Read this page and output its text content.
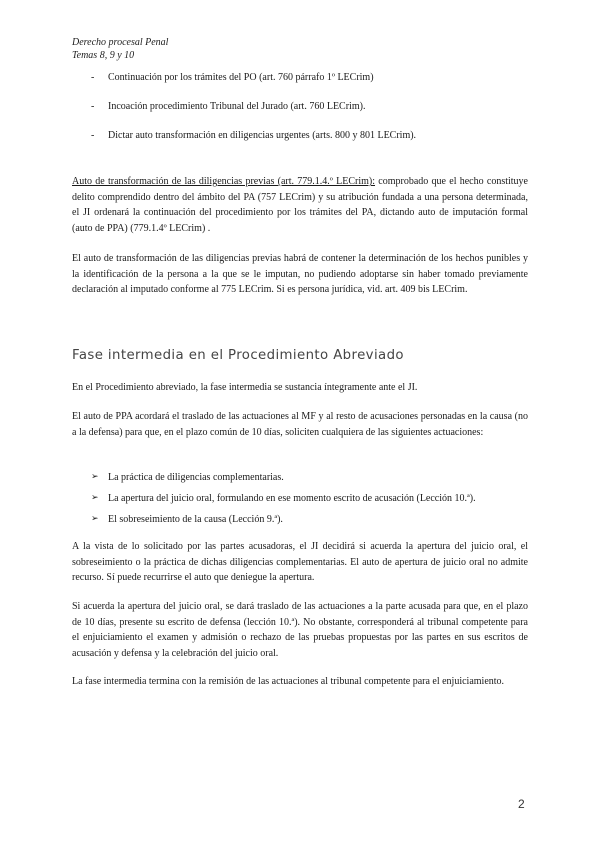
Derecho procesal Penal
Temas 8, 9 y 10
-	Continuación por los trámites del PO (art. 760 párrafo 1º LECrim)
-	Incoación procedimiento Tribunal del Jurado (art. 760 LECrim).
-	Dictar auto transformación en diligencias urgentes (arts. 800 y 801 LECrim).

Auto de transformación de las diligencias previas (art. 779.1.4.º LECrim): comprobado que el hecho constituye delito comprendido dentro del ámbito del PA (757 LECrim) y su atribución fundada a una persona determinada, el JI ordenará la continuación del procedimiento por los trámites del PA, dictando auto de imputación formal (auto de PPA) (779.1.4º LECrim) .

El auto de transformación de las diligencias previas habrá de contener la determinación de los hechos punibles y la identificación de la persona a la que se le imputan, no pudiendo adoptarse sin haber tomado previamente declaración al imputado conforme al 775 LECrim. Si es persona jurídica, vid. art. 409 bis LECrim.

Fase intermedia en el Procedimiento Abreviado

En el Procedimiento abreviado, la fase intermedia se sustancia íntegramente ante el JI.

El auto de PPA acordará el traslado de las actuaciones al MF y al resto de acusaciones personadas en la causa (no a la defensa) para que, en el plazo común de 10 días, soliciten cualquiera de las siguientes actuaciones:

➢ La práctica de diligencias complementarias.
➢ La apertura del juicio oral, formulando en ese momento escrito de acusación (Lección 10.ª).
➢ El sobreseimiento de la causa (Lección 9.ª).

A la vista de lo solicitado por las partes acusadoras, el JI decidirá si acuerda la apertura del juicio oral, el sobreseimiento o la práctica de dichas diligencias complementarias. El auto de apertura de juicio oral no admite recurso. Sí puede recurrirse el auto que deniegue la apertura.

Si acuerda la apertura del juicio oral, se dará traslado de las actuaciones a la parte acusada para que, en el plazo de 10 días, presente su escrito de defensa (lección 10.ª). No obstante, corresponderá al tribunal competente para el enjuiciamiento el examen y admisión o rechazo de las pruebas propuestas por las partes en sus escritos de acusación y defensa y la celebración del juicio oral.

La fase intermedia termina con la remisión de las actuaciones al tribunal competente para el enjuiciamiento.

2
